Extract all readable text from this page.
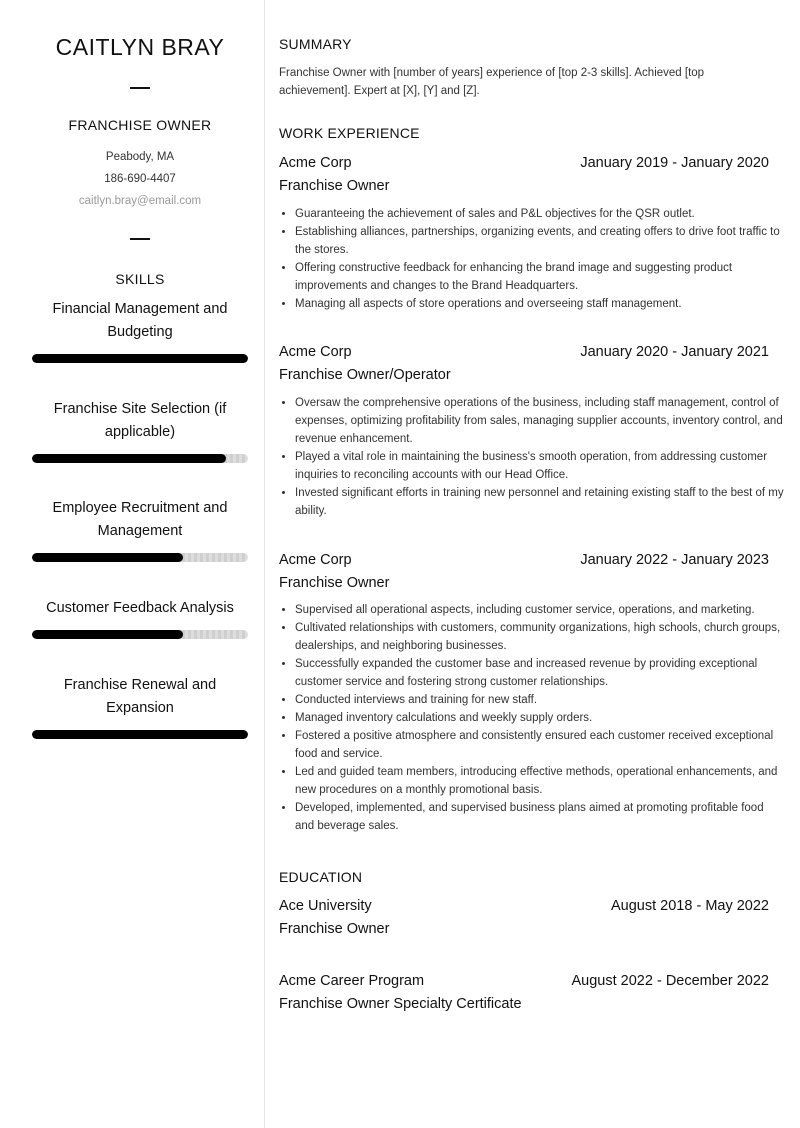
CAITLYN BRAY
FRANCHISE OWNER
Peabody, MA
186-690-4407
caitlyn.bray@email.com
SKILLS
Financial Management and Budgeting
Franchise Site Selection (if applicable)
Employee Recruitment and Management
Customer Feedback Analysis
Franchise Renewal and Expansion
SUMMARY
Franchise Owner with [number of years] experience of [top 2-3 skills]. Achieved [top achievement]. Expert at [X], [Y] and [Z].
WORK EXPERIENCE
Acme Corp	January 2019 - January 2020
Franchise Owner
• Guaranteeing the achievement of sales and P&L objectives for the QSR outlet.
• Establishing alliances, partnerships, organizing events, and creating offers to drive foot traffic to the stores.
• Offering constructive feedback for enhancing the brand image and suggesting product improvements and changes to the Brand Headquarters.
• Managing all aspects of store operations and overseeing staff management.
Acme Corp	January 2020 - January 2021
Franchise Owner/Operator
• Oversaw the comprehensive operations of the business, including staff management, control of expenses, optimizing profitability from sales, managing supplier accounts, inventory control, and revenue enhancement.
• Played a vital role in maintaining the business's smooth operation, from addressing customer inquiries to reconciling accounts with our Head Office.
• Invested significant efforts in training new personnel and retaining existing staff to the best of my ability.
Acme Corp	January 2022 - January 2023
Franchise Owner
• Supervised all operational aspects, including customer service, operations, and marketing.
• Cultivated relationships with customers, community organizations, high schools, church groups, dealerships, and neighboring businesses.
• Successfully expanded the customer base and increased revenue by providing exceptional customer service and fostering strong customer relationships.
• Conducted interviews and training for new staff.
• Managed inventory calculations and weekly supply orders.
• Fostered a positive atmosphere and consistently ensured each customer received exceptional food and service.
• Led and guided team members, introducing effective methods, operational enhancements, and new procedures on a monthly promotional basis.
• Developed, implemented, and supervised business plans aimed at promoting profitable food and beverage sales.
EDUCATION
Ace University	August 2018 - May 2022
Franchise Owner
Acme Career Program	August 2022 - December 2022
Franchise Owner Specialty Certificate
